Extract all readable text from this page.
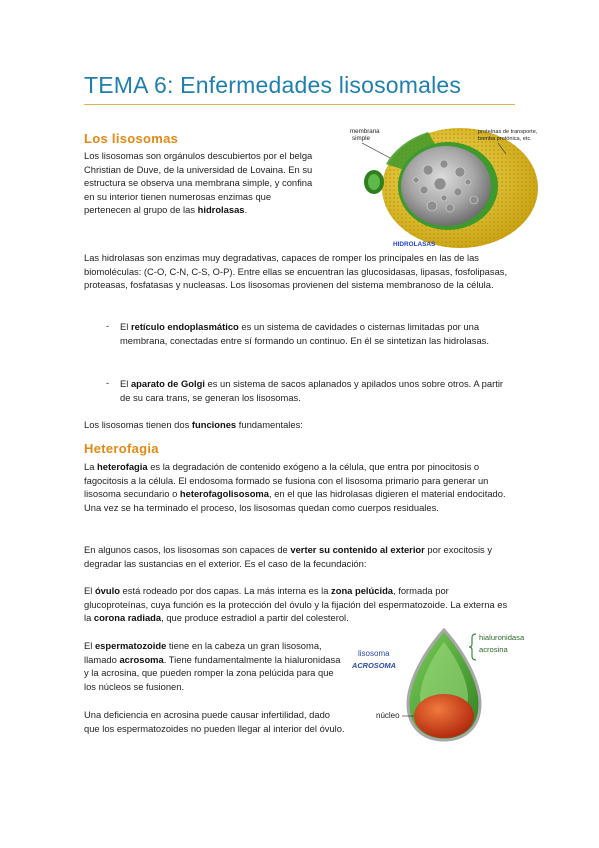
TEMA 6: Enfermedades lisosomales
Los lisosomas

Los lisosomas son orgánulos descubiertos por el belga Christian de Duve, de la universidad de Lovaina. En su estructura se observa una membrana simple, y confina en su interior tienen numerosas enzimas que pertenecen al grupo de las hidrolasas.

membrana
simple
proteínas de transporte,
bomba protónica, etc.
HIDROLASAS

Las hidrolasas son enzimas muy degradativas, capaces de romper los principales en las de las biomoléculas: (C-O, C-N, C-S, O-P). Entre ellas se encuentran las glucosidasas, lipasas, fosfolipasas, proteasas, fosfatasas y nucleasas. Los lisosomas provienen del sistema membranoso de la célula.

- El retículo endoplasmático es un sistema de cavidades o cisternas limitadas por una membrana, conectadas entre sí formando un continuo. En él se sintetizan las hidrolasas.

- El aparato de Golgi es un sistema de sacos aplanados y apilados unos sobre otros. A partir de su cara trans, se generan los lisosomas.

Los lisosomas tienen dos funciones fundamentales:

Heterofagia

La heterofagia es la degradación de contenido exógeno a la célula, que entra por pinocitosis o fagocitosis a la célula. El endosoma formado se fusiona con el lisosoma primario para generar un lisosoma secundario o heterofagolisosoma, en el que las hidrolasas digieren el material endocitado. Una vez se ha terminado el proceso, los lisosomas quedan como cuerpos residuales.

En algunos casos, los lisosomas son capaces de verter su contenido al exterior por exocitosis y degradar las sustancias en el exterior. Es el caso de la fecundación:

El óvulo está rodeado por dos capas. La más interna es la zona pelúcida, formada por glucoproteínas, cuya función es la protección del óvulo y la fijación del espermatozoide. La externa es la corona radiada, que produce estradiol a partir del colesterol.

El espermatozoide tiene en la cabeza un gran lisosoma, llamado acrosoma. Tiene fundamentalmente la hialuronidasa y la acrosina, que pueden romper la zona pelúcida para que los núcleos se fusionen.

Una deficiencia en acrosina puede causar infertilidad, dado que los espermatozoides no pueden llegar al interior del óvulo.

lisosoma
ACROSOMA
núcleo
hialuronidasa
acrosina
